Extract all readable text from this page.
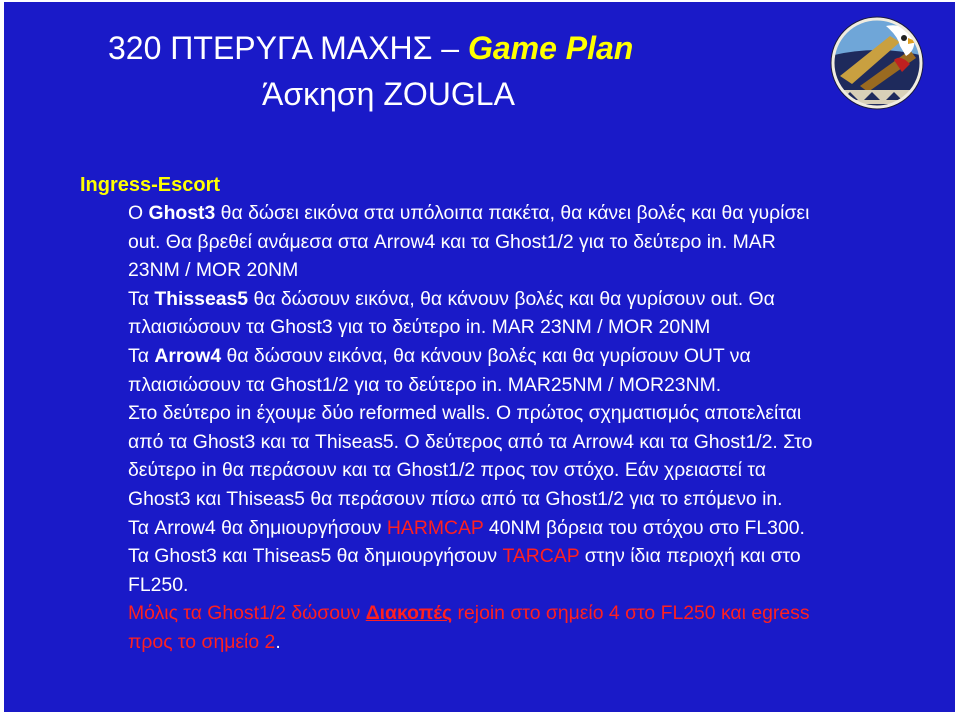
320 ΠΤΕΡΥΓΑ ΜΑΧΗΣ – Game Plan
Άσκηση ZOUGLA
Ingress-Escort
Ο Ghost3 θα δώσει εικόνα στα υπόλοιπα πακέτα, θα κάνει βολές και θα γυρίσει
out. Θα βρεθεί ανάμεσα στα Arrow4 και τα Ghost1/2 για το δεύτερο in. MAR
23NM / MOR 20NM
Τα Thisseas5 θα δώσουν εικόνα, θα κάνουν βολές και θα γυρίσουν out. Θα
πλαισιώσουν τα Ghost3 για το δεύτερο in. MAR 23NM / MOR 20NM
Τα Arrow4 θα δώσουν εικόνα, θα κάνουν βολές και θα γυρίσουν OUT να
πλαισιώσουν τα Ghost1/2 για το δεύτερο in. MAR25NM / MOR23NM.
Στο δεύτερο in έχουμε δύο reformed walls. Ο πρώτος σχηματισμός αποτελείται
από τα Ghost3 και τα Thiseas5. Ο δεύτερος από τα Arrow4 και τα Ghost1/2. Στο
δεύτερο in θα περάσουν και τα Ghost1/2 προς τον στόχο. Εάν χρειαστεί τα
Ghost3 και Thiseas5 θα περάσουν πίσω από τα Ghost1/2 για το επόμενο in.
Τα Arrow4 θα δημιουργήσουν HARMCAP 40NM βόρεια του στόχου στο FL300.
Τα Ghost3 και Thiseas5 θα δημιουργήσουν TARCAP στην ίδια περιοχή και στο
FL250.
Μόλις τα Ghost1/2 δώσουν Διακοπές rejoin στο σημείο 4 στο FL250 και egress
προς το σημείο 2.
